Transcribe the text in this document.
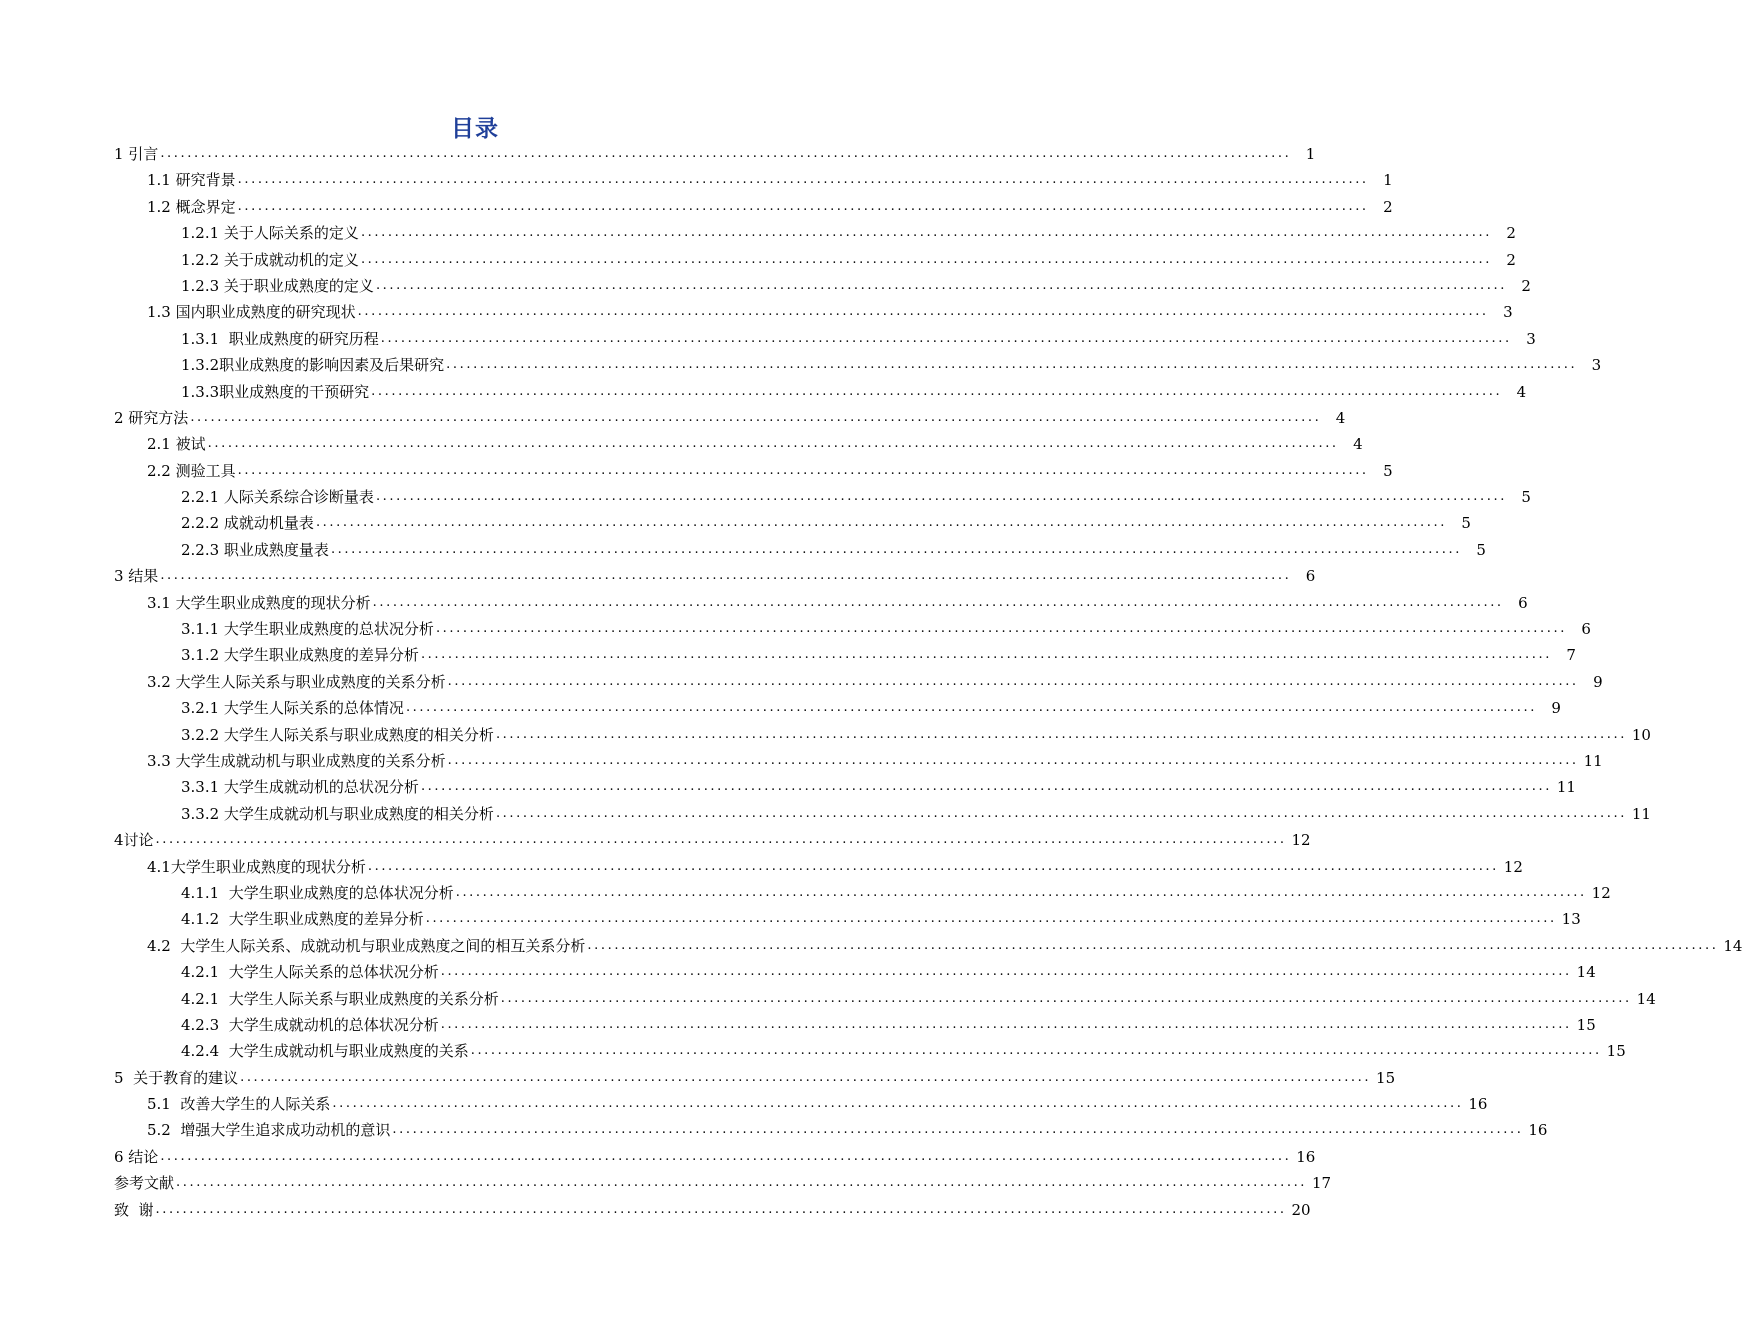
目录
1 引言 ........................................................................................................................................................................ 1
1.1 研究背景 ........................................................................................................................................................................ 1
1.2 概念界定 ........................................................................................................................................................................ 2
1.2.1 关于人际关系的定义 ........................................................................................................................................................................ 2
1.2.2 关于成就动机的定义 ........................................................................................................................................................................ 2
1.2.3 关于职业成熟度的定义 ........................................................................................................................................................................ 2
1.3 国内职业成熟度的研究现状 ........................................................................................................................................................................ 3
1.3.1  职业成熟度的研究历程 ........................................................................................................................................................................ 3
1.3.2职业成熟度的影响因素及后果研究 ........................................................................................................................................................................ 3
1.3.3职业成熟度的干预研究 ........................................................................................................................................................................ 4
2 研究方法 ........................................................................................................................................................................ 4
2.1 被试 ........................................................................................................................................................................ 4
2.2 测验工具 ........................................................................................................................................................................ 5
2.2.1 人际关系综合诊断量表 ........................................................................................................................................................................ 5
2.2.2 成就动机量表 ........................................................................................................................................................................ 5
2.2.3 职业成熟度量表 ........................................................................................................................................................................ 5
3 结果 ........................................................................................................................................................................ 6
3.1 大学生职业成熟度的现状分析 ........................................................................................................................................................................ 6
3.1.1 大学生职业成熟度的总状况分析 ........................................................................................................................................................................ 6
3.1.2 大学生职业成熟度的差异分析 ........................................................................................................................................................................ 7
3.2 大学生人际关系与职业成熟度的关系分析 ........................................................................................................................................................................ 9
3.2.1 大学生人际关系的总体情况 ........................................................................................................................................................................ 9
3.2.2 大学生人际关系与职业成熟度的相关分析 ........................................................................................................................................................................ 10
3.3 大学生成就动机与职业成熟度的关系分析 ........................................................................................................................................................................ 11
3.3.1 大学生成就动机的总状况分析 ........................................................................................................................................................................ 11
3.3.2 大学生成就动机与职业成熟度的相关分析 ........................................................................................................................................................................ 11
4讨论 ........................................................................................................................................................................ 12
4.1大学生职业成熟度的现状分析 ........................................................................................................................................................................ 12
4.1.1  大学生职业成熟度的总体状况分析 ........................................................................................................................................................................ 12
4.1.2  大学生职业成熟度的差异分析 ........................................................................................................................................................................ 13
4.2  大学生人际关系、成就动机与职业成熟度之间的相互关系分析 ........................................................................................................................................................................ 14
4.2.1  大学生人际关系的总体状况分析 ........................................................................................................................................................................ 14
4.2.1  大学生人际关系与职业成熟度的关系分析 ........................................................................................................................................................................ 14
4.2.3  大学生成就动机的总体状况分析 ........................................................................................................................................................................ 15
4.2.4  大学生成就动机与职业成熟度的关系 ........................................................................................................................................................................ 15
5  关于教育的建议 ........................................................................................................................................................................ 15
5.1  改善大学生的人际关系 ........................................................................................................................................................................ 16
5.2  增强大学生追求成功动机的意识 ........................................................................................................................................................................ 16
6 结论 ........................................................................................................................................................................ 16
参考文献 ........................................................................................................................................................................ 17
致  谢 ........................................................................................................................................................................ 20
